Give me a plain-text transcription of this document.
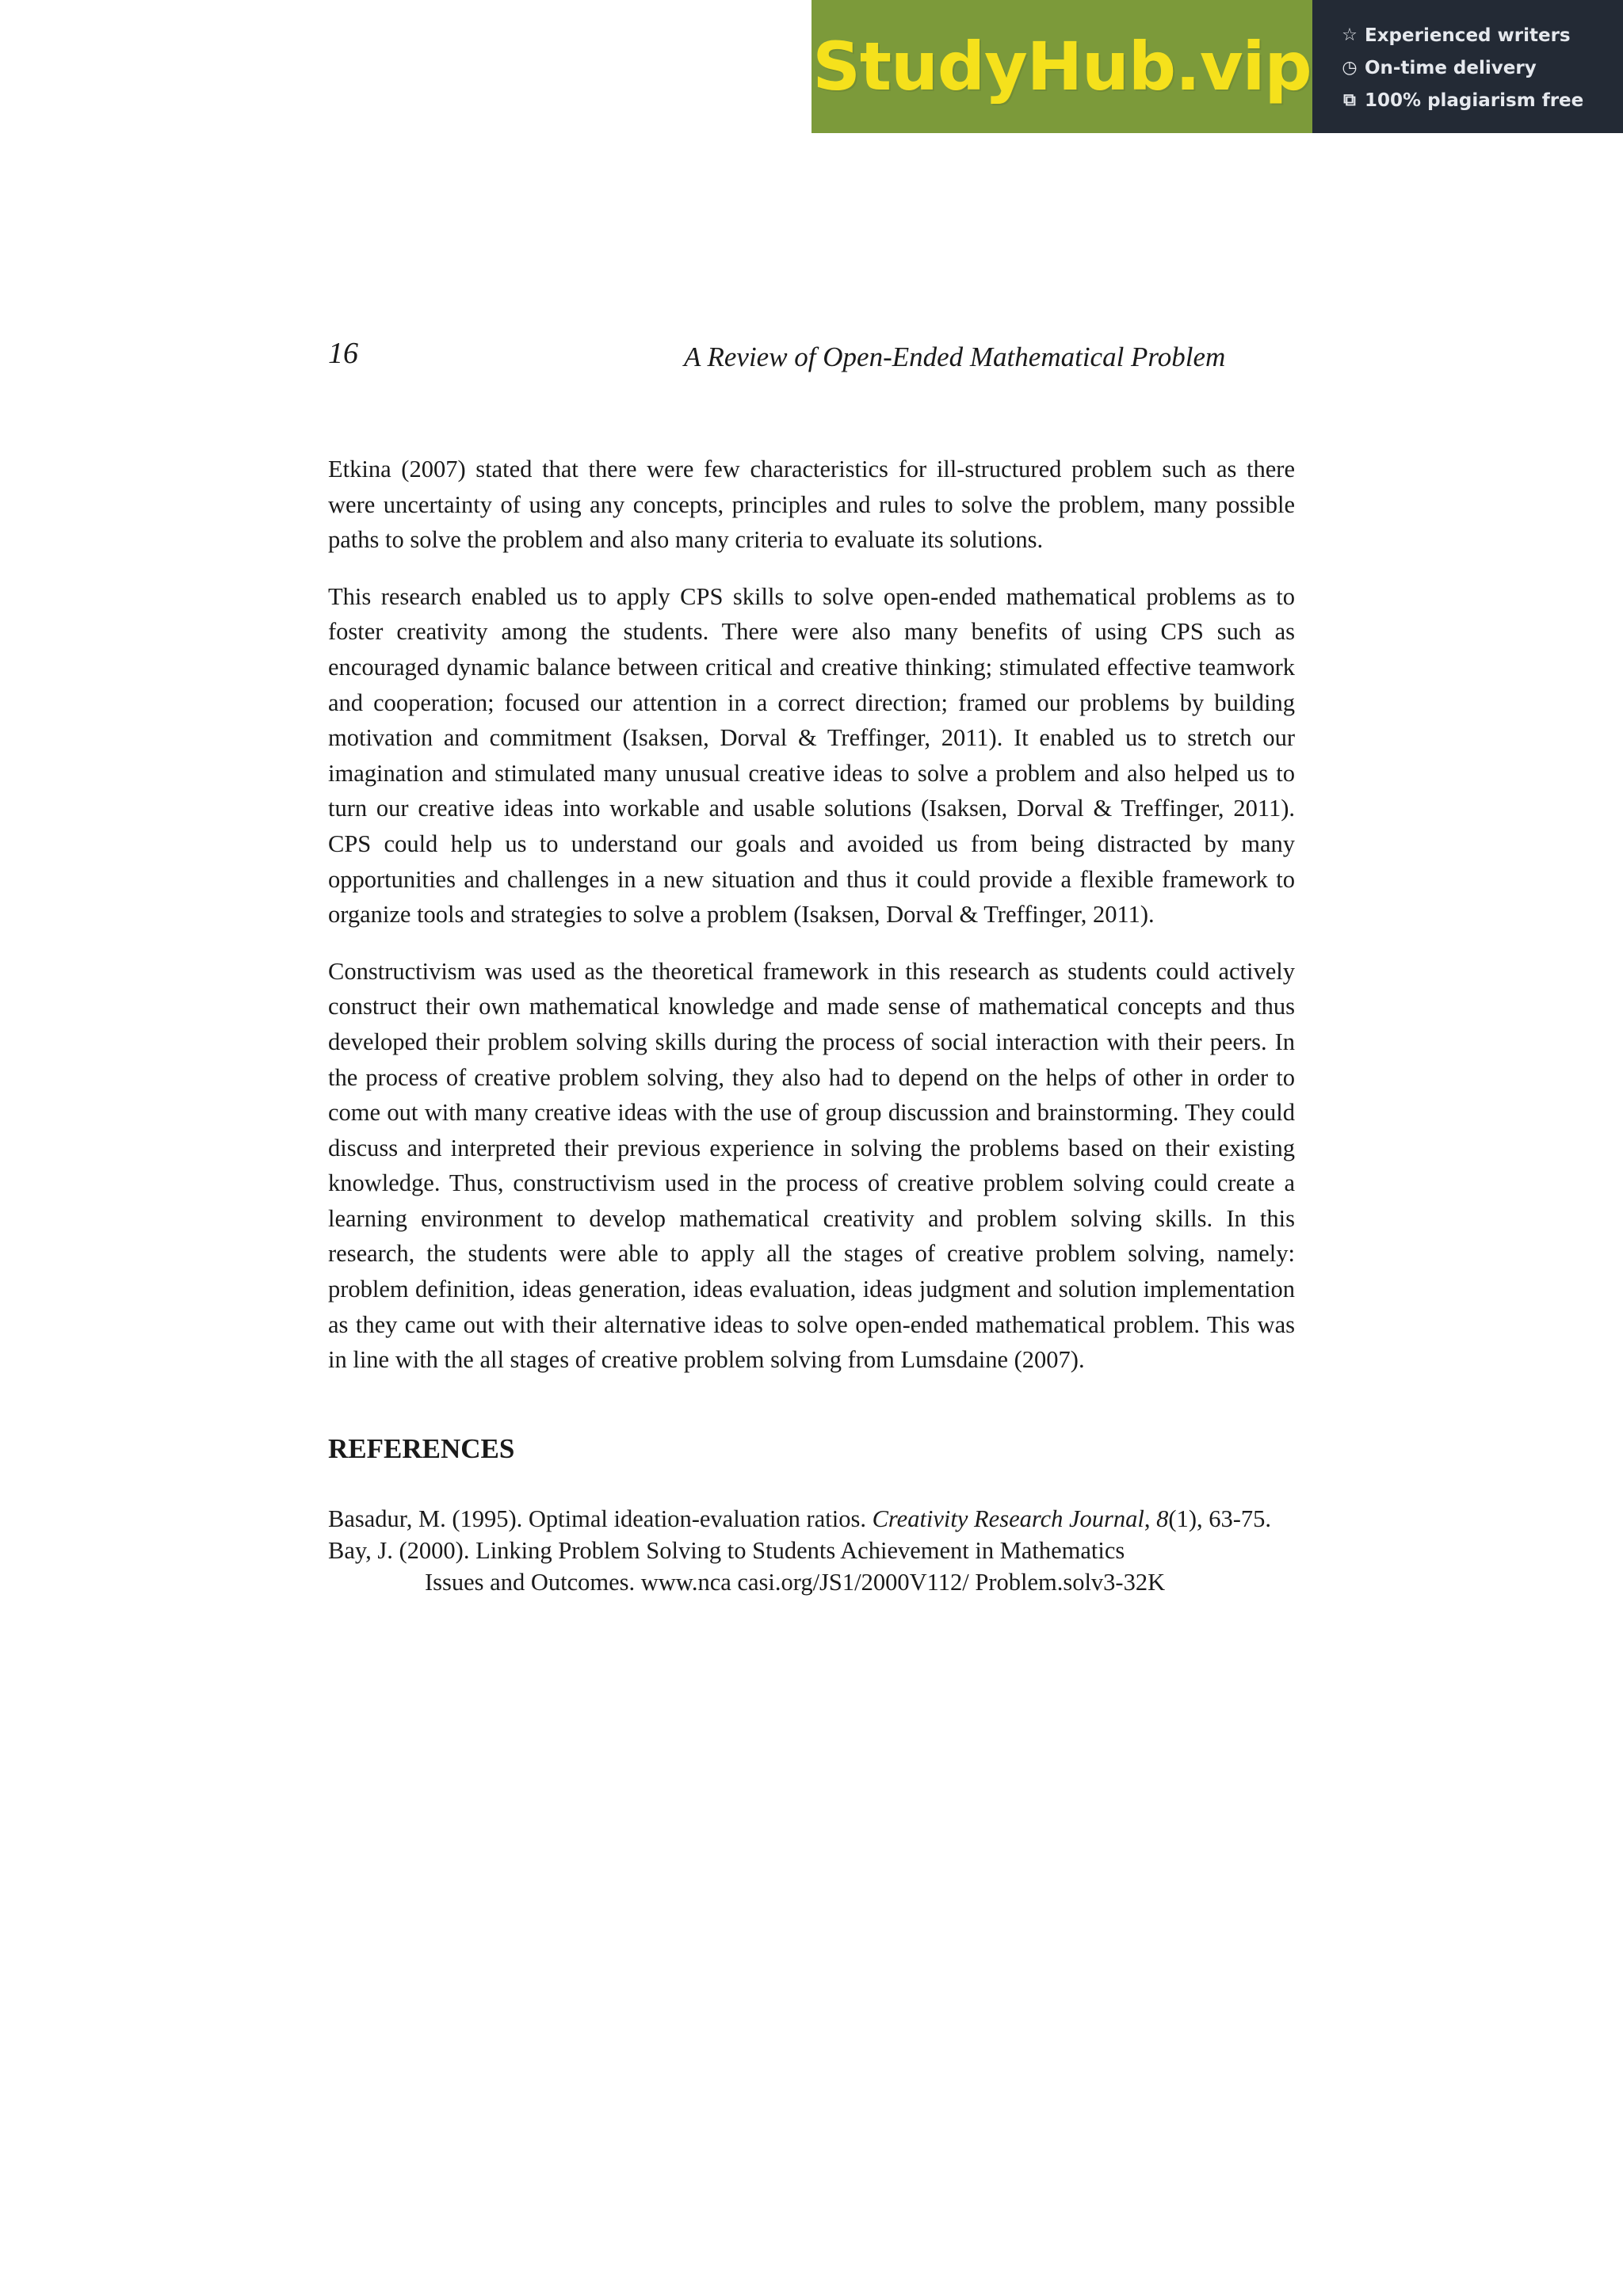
StudyHub.vip ☆ Experienced writers
◷ On-time delivery
⧉ 100% plagiarism free
16	A Review of Open-Ended Mathematical Problem

Etkina (2007) stated that there were few characteristics for ill-structured problem such as there were uncertainty of using any concepts, principles and rules to solve the problem, many possible paths to solve the problem and also many criteria to evaluate its solutions.

This research enabled us to apply CPS skills to solve open-ended mathematical problems as to foster creativity among the students. There were also many benefits of using CPS such as encouraged dynamic balance between critical and creative thinking; stimulated effective teamwork and cooperation; focused our attention in a correct direction; framed our problems by building motivation and commitment (Isaksen, Dorval & Treffinger, 2011). It enabled us to stretch our imagination and stimulated many unusual creative ideas to solve a problem and also helped us to turn our creative ideas into workable and usable solutions (Isaksen, Dorval & Treffinger, 2011). CPS could help us to understand our goals and avoided us from being distracted by many opportunities and challenges in a new situation and thus it could provide a flexible framework to organize tools and strategies to solve a problem (Isaksen, Dorval & Treffinger, 2011).

Constructivism was used as the theoretical framework in this research as students could actively construct their own mathematical knowledge and made sense of mathematical concepts and thus developed their problem solving skills during the process of social interaction with their peers. In the process of creative problem solving, they also had to depend on the helps of other in order to come out with many creative ideas with the use of group discussion and brainstorming. They could discuss and interpreted their previous experience in solving the problems based on their existing knowledge. Thus, constructivism used in the process of creative problem solving could create a learning environment to develop mathematical creativity and problem solving skills. In this research, the students were able to apply all the stages of creative problem solving, namely: problem definition, ideas generation, ideas evaluation, ideas judgment and solution implementation as they came out with their alternative ideas to solve open-ended mathematical problem. This was in line with the all stages of creative problem solving from Lumsdaine (2007).

REFERENCES
Basadur, M. (1995). Optimal ideation-evaluation ratios. Creativity Research Journal, 8(1), 63-75.
Bay, J. (2000). Linking Problem Solving to Students Achievement in Mathematics
Issues and Outcomes. www.nca casi.org/JS1/2000V112/ Problem.solv3-32K
